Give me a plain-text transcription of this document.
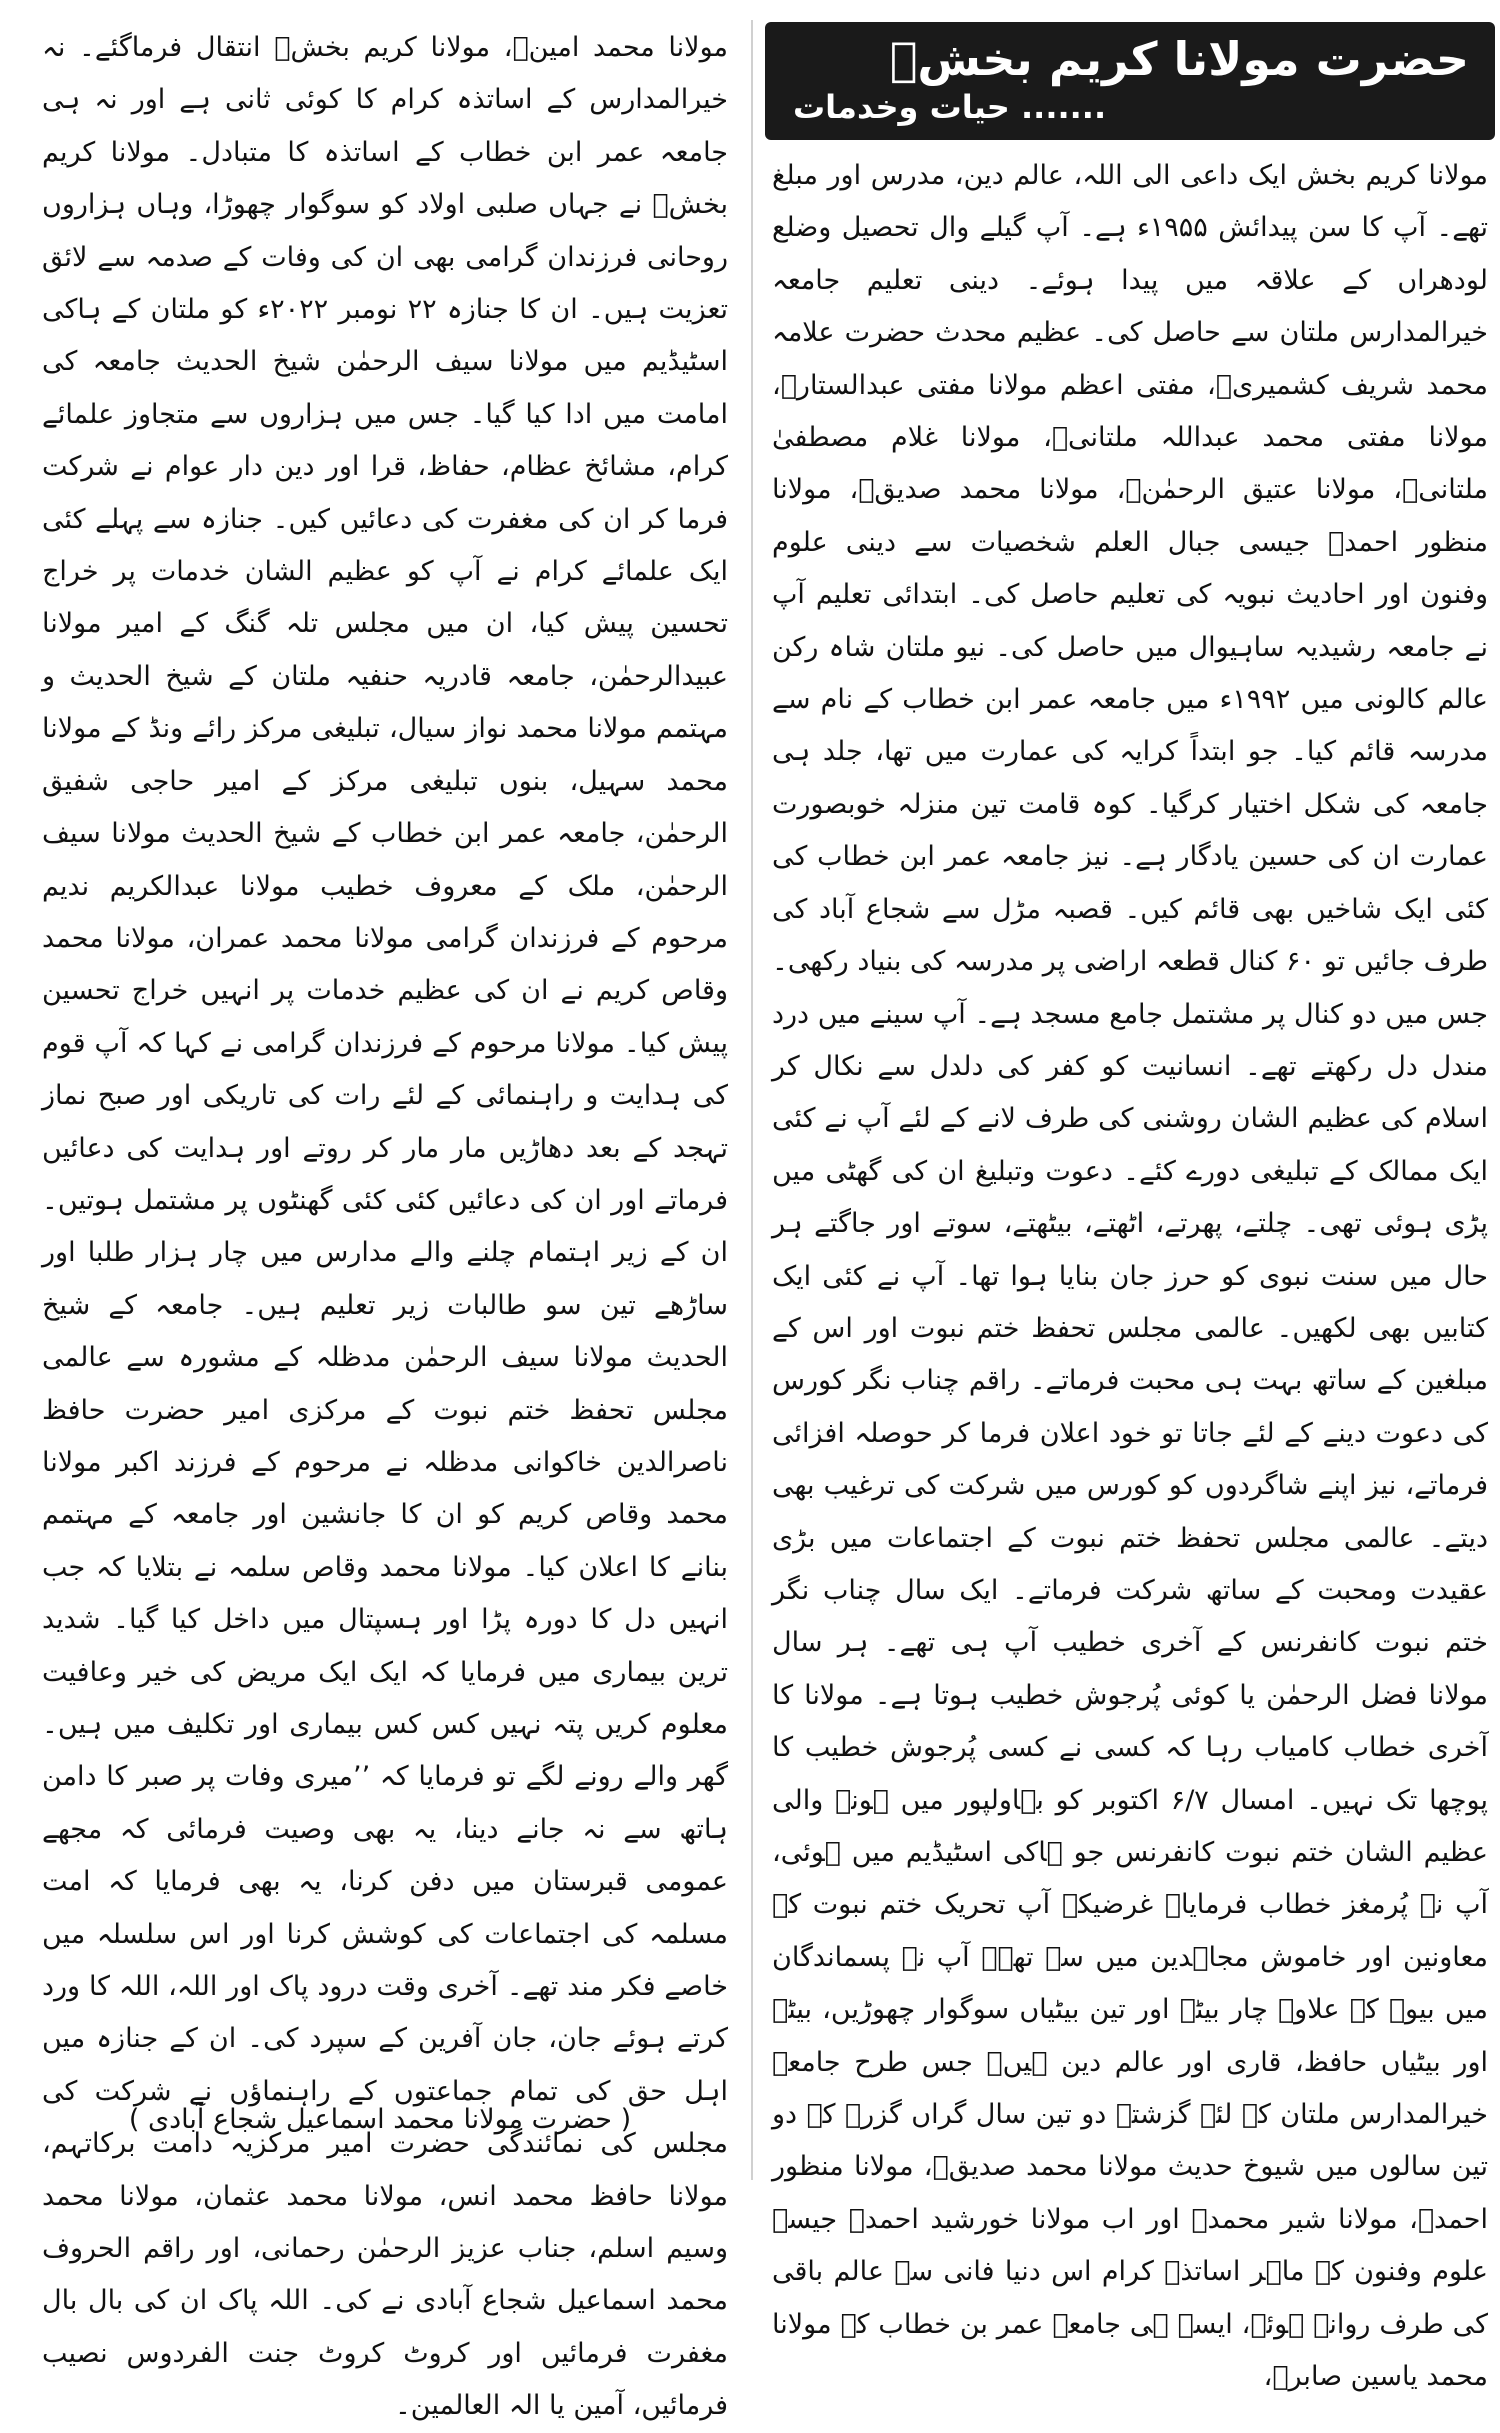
حضرت مولانا کریم بخشؒ
....... حیات وخدمات

مولانا کریم بخش ایک داعی الی اللہ، عالم دین، مدرس اور مبلغ تھے۔ آپ کا سن پیدائش ۱۹۵۵ء ہے۔ آپ گیلے وال تحصیل وضلع لودھراں کے علاقہ میں پیدا ہوئے۔ دینی تعلیم جامعہ خیرالمدارس ملتان سے حاصل کی۔ عظیم محدث حضرت علامہ محمد شریف کشمیریؒ، مفتی اعظم مولانا مفتی عبدالستارؒ، مولانا مفتی محمد عبداللہ ملتانیؒ، مولانا غلام مصطفیٰ ملتانیؒ، مولانا عتیق الرحمٰنؒ، مولانا محمد صدیقؒ، مولانا منظور احمدؒ جیسی جبال العلم شخصیات سے دینی علوم وفنون اور احادیث نبویہ کی تعلیم حاصل کی۔ ابتدائی تعلیم آپ نے جامعہ رشیدیہ ساہیوال میں حاصل کی۔ نیو ملتان شاہ رکن عالم کالونی میں ۱۹۹۲ء میں جامعہ عمر ابن خطاب کے نام سے مدرسہ قائم کیا۔ جو ابتداً کرایہ کی عمارت میں تھا، جلد ہی جامعہ کی شکل اختیار کرگیا۔ کوہ قامت تین منزلہ خوبصورت عمارت ان کی حسین یادگار ہے۔ نیز جامعہ عمر ابن خطاب کی کئی ایک شاخیں بھی قائم کیں۔ قصبہ مڑل سے شجاع آباد کی طرف جائیں تو ۶۰ کنال قطعہ اراضی پر مدرسہ کی بنیاد رکھی۔ جس میں دو کنال پر مشتمل جامع مسجد ہے۔ آپ سینے میں درد مندل دل رکھتے تھے۔ انسانیت کو کفر کی دلدل سے نکال کر اسلام کی عظیم الشان روشنی کی طرف لانے کے لئے آپ نے کئی ایک ممالک کے تبلیغی دورے کئے۔ دعوت وتبلیغ ان کی گھٹی میں پڑی ہوئی تھی۔ چلتے، پھرتے، اٹھتے، بیٹھتے، سوتے اور جاگتے ہر حال میں سنت نبوی کو حرز جان بنایا ہوا تھا۔ آپ نے کئی ایک کتابیں بھی لکھیں۔ عالمی مجلس تحفظ ختم نبوت اور اس کے مبلغین کے ساتھ بہت ہی محبت فرماتے۔ راقم چناب نگر کورس کی دعوت دینے کے لئے جاتا تو خود اعلان فرما کر حوصلہ افزائی فرماتے، نیز اپنے شاگردوں کو کورس میں شرکت کی ترغیب بھی دیتے۔ عالمی مجلس تحفظ ختم نبوت کے اجتماعات میں بڑی عقیدت ومحبت کے ساتھ شرکت فرماتے۔ ایک سال چناب نگر ختم نبوت کانفرنس کے آخری خطیب آپ ہی تھے۔ ہر سال مولانا فضل الرحمٰن یا کوئی پُرجوش خطیب ہوتا ہے۔ مولانا کا آخری خطاب کامیاب رہا کہ کسی نے کسی پُرجوش خطیب کا پوچھا تک نہیں۔ امسال ۶/۷ اکتوبر کو بہاولپور میں ہونے والی عظیم الشان ختم نبوت کانفرنس جو ہاکی اسٹیڈیم میں ہوئی، آپ نے پُرمغز خطاب فرمایا۔ غرضیکہ آپ تحریک ختم نبوت کے معاونین اور خاموش مجاہدین میں سے تھے۔ آپ نے پسماندگان میں بیوہ کے علاوہ چار بیٹے اور تین بیٹیاں سوگوار چھوڑیں، بیٹے اور بیٹیاں حافظ، قاری اور عالم دین ہیں۔ جس طرح جامعہ خیرالمدارس ملتان کے لئے گزشتہ دو تین سال گراں گزرے کہ دو تین سالوں میں شیوخ حدیث مولانا محمد صدیقؒ، مولانا منظور احمدؒ، مولانا شیر محمدؒ اور اب مولانا خورشید احمدؒ جیسے علوم وفنون کے ماہر اساتذہ کرام اس دنیا فانی سے عالم باقی کی طرف روانہ ہوئے، ایسے ہی جامعہ عمر بن خطاب کے مولانا محمد یاسین صابرؒ،

مولانا محمد امینؒ، مولانا کریم بخشؒ انتقال فرماگئے۔ نہ خیرالمدارس کے اساتذہ کرام کا کوئی ثانی ہے اور نہ ہی جامعہ عمر ابن خطاب کے اساتذہ کا متبادل۔ مولانا کریم بخشؒ نے جہاں صلبی اولاد کو سوگوار چھوڑا، وہاں ہزاروں روحانی فرزندان گرامی بھی ان کی وفات کے صدمہ سے لائق تعزیت ہیں۔ ان کا جنازہ ۲۲ نومبر ۲۰۲۲ء کو ملتان کے ہاکی اسٹیڈیم میں مولانا سیف الرحمٰن شیخ الحدیث جامعہ کی امامت میں ادا کیا گیا۔ جس میں ہزاروں سے متجاوز علمائے کرام، مشائخ عظام، حفاظ، قرا اور دین دار عوام نے شرکت فرما کر ان کی مغفرت کی دعائیں کیں۔ جنازہ سے پہلے کئی ایک علمائے کرام نے آپ کو عظیم الشان خدمات پر خراج تحسین پیش کیا، ان میں مجلس تلہ گنگ کے امیر مولانا عبیدالرحمٰن، جامعہ قادریہ حنفیہ ملتان کے شیخ الحدیث و مہتمم مولانا محمد نواز سیال، تبلیغی مرکز رائے ونڈ کے مولانا محمد سہیل، بنوں تبلیغی مرکز کے امیر حاجی شفیق الرحمٰن، جامعہ عمر ابن خطاب کے شیخ الحدیث مولانا سیف الرحمٰن، ملک کے معروف خطیب مولانا عبدالکریم ندیم مرحوم کے فرزندان گرامی مولانا محمد عمران، مولانا محمد وقاص کریم نے ان کی عظیم خدمات پر انہیں خراج تحسین پیش کیا۔ مولانا مرحوم کے فرزندان گرامی نے کہا کہ آپ قوم کی ہدایت و راہنمائی کے لئے رات کی تاریکی اور صبح نماز تہجد کے بعد دھاڑیں مار مار کر روتے اور ہدایت کی دعائیں فرماتے اور ان کی دعائیں کئی کئی گھنٹوں پر مشتمل ہوتیں۔ ان کے زیر اہتمام چلنے والے مدارس میں چار ہزار طلبا اور ساڑھے تین سو طالبات زیر تعلیم ہیں۔ جامعہ کے شیخ الحدیث مولانا سیف الرحمٰن مدظلہ کے مشورہ سے عالمی مجلس تحفظ ختم نبوت کے مرکزی امیر حضرت حافظ ناصرالدین خاکوانی مدظلہ نے مرحوم کے فرزند اکبر مولانا محمد وقاص کریم کو ان کا جانشین اور جامعہ کے مہتمم بنانے کا اعلان کیا۔ مولانا محمد وقاص سلمہ نے بتلایا کہ جب انہیں دل کا دورہ پڑا اور ہسپتال میں داخل کیا گیا۔ شدید ترین بیماری میں فرمایا کہ ایک ایک مریض کی خیر وعافیت معلوم کریں پتہ نہیں کس کس بیماری اور تکلیف میں ہیں۔ گھر والے رونے لگے تو فرمایا کہ ’’میری وفات پر صبر کا دامن ہاتھ سے نہ جانے دینا، یہ بھی وصیت فرمائی کہ مجھے عمومی قبرستان میں دفن کرنا، یہ بھی فرمایا کہ امت مسلمہ کی اجتماعات کی کوشش کرنا اور اس سلسلہ میں خاصے فکر مند تھے۔ آخری وقت درود پاک اور اللہ، اللہ کا ورد کرتے ہوئے جان، جان آفرین کے سپرد کی۔ ان کے جنازہ میں اہل حق کی تمام جماعتوں کے راہنماؤں نے شرکت کی مجلس کی نمائندگی حضرت امیر مرکزیہ دامت برکاتہم، مولانا حافظ محمد انس، مولانا محمد عثمان، مولانا محمد وسیم اسلم، جناب عزیز الرحمٰن رحمانی، اور راقم الحروف محمد اسماعیل شجاع آبادی نے کی۔ اللہ پاک ان کی بال بال مغفرت فرمائیں اور کروٹ کروٹ جنت الفردوس نصیب فرمائیں، آمین یا الہ العالمین۔

( حضرت مولانا محمد اسماعیل شجاع آبادی )
